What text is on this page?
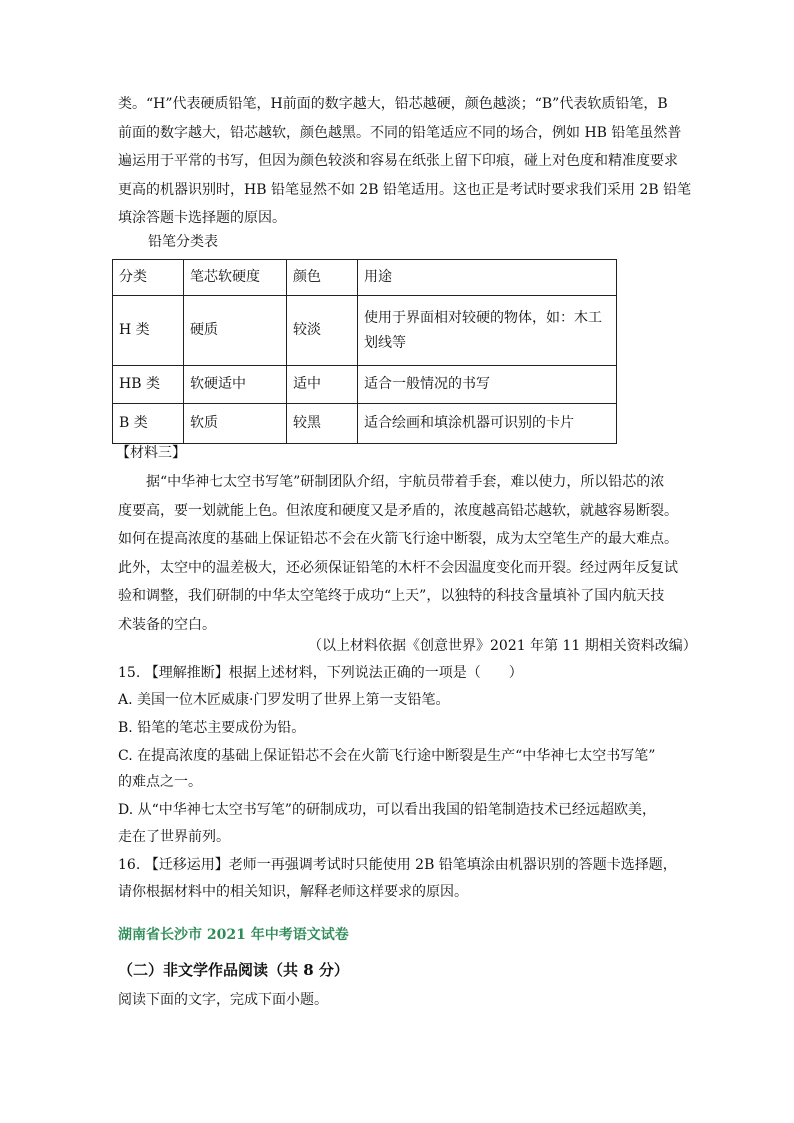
类。“H”代表硬质铅笔，H前面的数字越大，铅芯越硬，颜色越淡；“B”代表软质铅笔，B
前面的数字越大，铅芯越软，颜色越黑。不同的铅笔适应不同的场合，例如 HB 铅笔虽然普
遍运用于平常的书写，但因为颜色较淡和容易在纸张上留下印痕，碰上对色度和精准度要求
更高的机器识别时，HB 铅笔显然不如 2B 铅笔适用。这也正是考试时要求我们采用 2B 铅笔
填涂答题卡选择题的原因。

铅笔分类表
分类	笔芯软硬度	颜色	用途
H 类	硬质	较淡	使用于界面相对较硬的物体，如：木工划线等
HB 类	软硬适中	适中	适合一般情况的书写
B 类	软质	较黑	适合绘画和填涂机器可识别的卡片
【材料三】

　　据“中华神七太空书写笔”研制团队介绍，宇航员带着手套，难以使力，所以铅芯的浓
度要高，要一划就能上色。但浓度和硬度又是矛盾的，浓度越高铅芯越软，就越容易断裂。
如何在提高浓度的基础上保证铅芯不会在火箭飞行途中断裂，成为太空笔生产的最大难点。
此外，太空中的温差极大，还必须保证铅笔的木杆不会因温度变化而开裂。经过两年反复试
验和调整，我们研制的中华太空笔终于成功“上天”，以独特的科技含量填补了国内航天技
术装备的空白。

（以上材料依据《创意世界》2021 年第 11 期相关资料改编）
15. 【理解推断】根据上述材料，下列说法正确的一项是（　　）
A. 美国一位木匠威康·门罗发明了世界上第一支铅笔。
B. 铅笔的笔芯主要成份为铅。
C. 在提高浓度的基础上保证铅芯不会在火箭飞行途中断裂是生产“中华神七太空书写笔”
的难点之一。
D. 从“中华神七太空书写笔”的研制成功，可以看出我国的铅笔制造技术已经远超欧美，
走在了世界前列。
16. 【迁移运用】老师一再强调考试时只能使用 2B 铅笔填涂由机器识别的答题卡选择题，
请你根据材料中的相关知识，解释老师这样要求的原因。
湖南省长沙市 2021 年中考语文试卷
（二）非文学作品阅读（共 8 分）
阅读下面的文字，完成下面小题。
